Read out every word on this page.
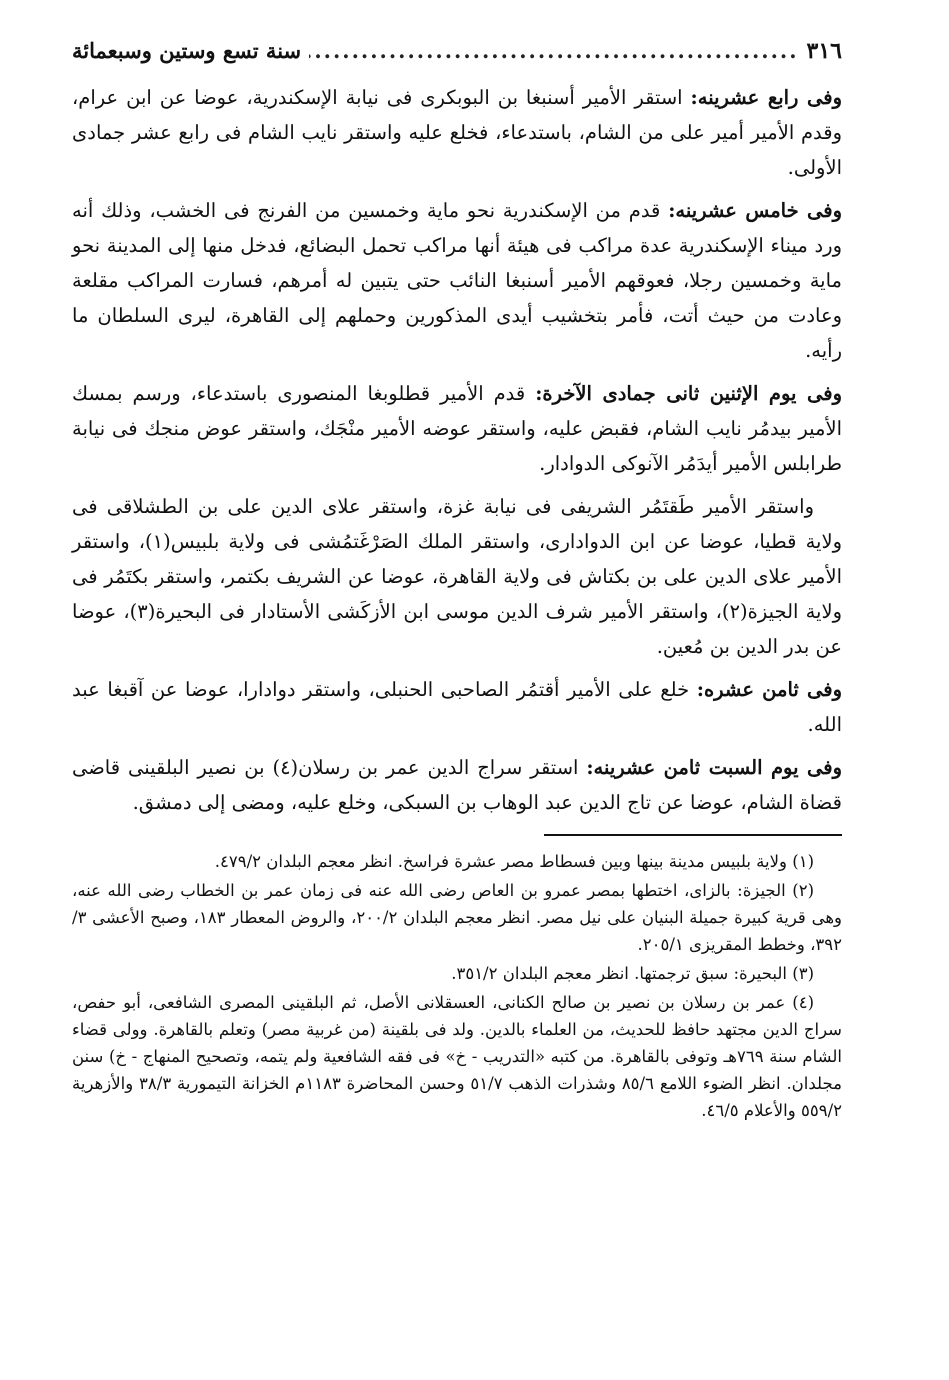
٣١٦
.....
سنة تسع وستين وسبعمائة

وفى رابع عشرينه: استقر الأمير أسنبغا بن البوبكرى فى نيابة الإسكندرية، عوضا عن ابن عرام، وقدم الأمير أمير على من الشام، باستدعاء، فخلع عليه واستقر نايب الشام فى رابع عشر جمادى الأولى.

وفى خامس عشرينه: قدم من الإسكندرية نحو ماية وخمسين من الفرنج فى الخشب، وذلك أنه ورد ميناء الإسكندرية عدة مراكب فى هيئة أنها مراكب تحمل البضائع، فدخل منها إلى المدينة نحو ماية وخمسين رجلا، فعوقهم الأمير أسنبغا النائب حتى يتبين له أمرهم، فسارت المراكب مقلعة وعادت من حيث أتت، فأمر بتخشيب أيدى المذكورين وحملهم إلى القاهرة، ليرى السلطان ما رأيه.

وفى يوم الإثنين ثانى جمادى الآخرة: قدم الأمير قطلوبغا المنصورى باستدعاء، ورسم بمسك الأمير بيدمُر نايب الشام، فقبض عليه، واستقر عوضه الأمير منْجَك، واستقر عوض منجك فى نيابة طرابلس الأمير أيدَمُر الآنوكى الدوادار.

واستقر الأمير طَقتَمُر الشريفى فى نيابة غزة، واستقر علاى الدين على بن الطشلاقى فى ولاية قطيا، عوضا عن ابن الدوادارى، واستقر الملك الصَرْغَتمُشى فى ولاية بلبيس(١)، واستقر الأمير علاى الدين على بن بكتاش فى ولاية القاهرة، عوضا عن الشريف بكتمر، واستقر بكتَمُر فى ولاية الجيزة(٢)، واستقر الأمير شرف الدين موسى ابن الأزكَشى الأستادار فى البحيرة(٣)، عوضا عن بدر الدين بن مُعين.

وفى ثامن عشره: خلع على الأمير أقتمُر الصاحبى الحنبلى، واستقر دوادارا، عوضا عن آقبغا عبد الله.

وفى يوم السبت ثامن عشرينه: استقر سراج الدين عمر بن رسلان(٤) بن نصير البلقينى قاضى قضاة الشام، عوضا عن تاج الدين عبد الوهاب بن السبكى، وخلع عليه، ومضى إلى دمشق.

(١) ولاية بلبيس مدينة بينها وبين فسطاط مصر عشرة فراسخ. انظر معجم البلدان ٤٧٩/٢.

(٢) الجيزة: بالزاى، اختطها بمصر عمرو بن العاص رضى الله عنه فى زمان عمر بن الخطاب رضى الله عنه، وهى قرية كبيرة جميلة البنيان على نيل مصر. انظر معجم البلدان ٢٠٠/٢، والروض المعطار ١٨٣، وصبح الأعشى ٣/ ٣٩٢، وخطط المقريزى ٢٠٥/١.

(٣) البحيرة: سبق ترجمتها. انظر معجم البلدان ٣٥١/٢.

(٤) عمر بن رسلان بن نصير بن صالح الكنانى، العسقلانى الأصل، ثم البلقينى المصرى الشافعى، أبو حفص، سراج الدين مجتهد حافظ للحديث، من العلماء بالدين. ولد فى بلقينة (من غربية مصر) وتعلم بالقاهرة. وولى قضاء الشام سنة ٧٦٩هـ وتوفى بالقاهرة. من كتبه «التدريب - خ» فى فقه الشافعية ولم يتمه، وتصحيح المنهاج - خ) سنن مجلدان. انظر الضوء اللامع ٨٥/٦ وشذرات الذهب ٥١/٧ وحسن المحاضرة ١١٨٣م الخزانة التيمورية ٣٨/٣ والأزهرية ٥٥٩/٢ والأعلام ٤٦/٥.
